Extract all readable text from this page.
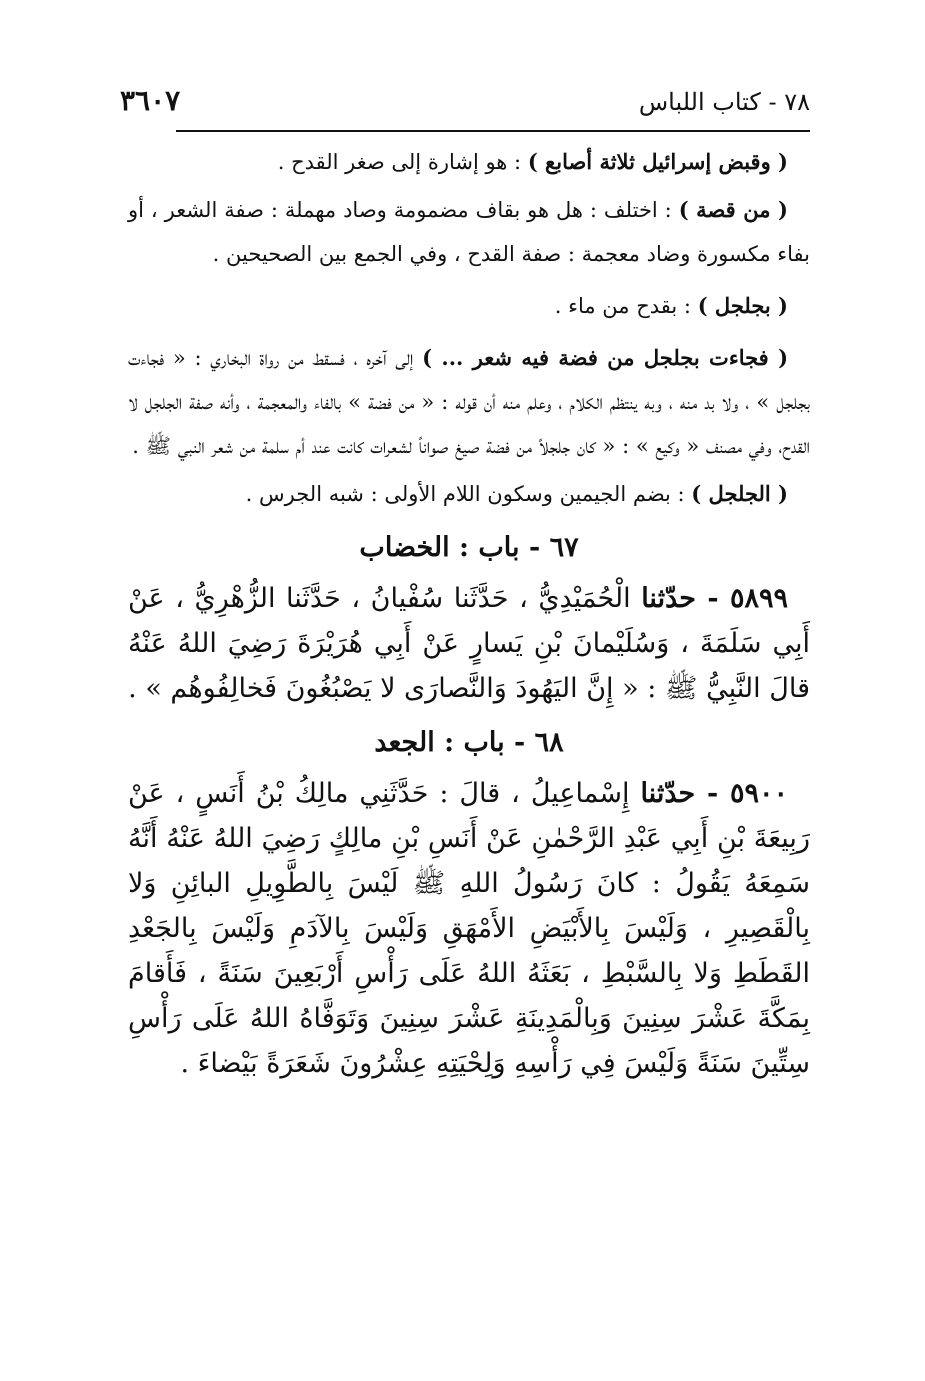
٧٨ - كتاب اللباس
٣٦٠٧

( وقبض إسرائيل ثلاثة أصابع ) : هو إشارة إلى صغر القدح .

( من قصة ) : اختلف : هل هو بقاف مضمومة وصاد مهملة : صفة الشعر ، أو بفاء مكسورة وضاد معجمة : صفة القدح ، وفي الجمع بين الصحيحين .

( بجلجل ) : بقدح من ماء .

( فجاءت بجلجل من فضة فيه شعر ... ) إلى آخره ، فسقط من رواة البخاري : « فجاءت بجلجل » ، ولا بد منه ، وبه ينتظم الكلام ، وعلم منه أن قوله : « من فضة » بالفاء والمعجمة ، وأنه صفة الجلجل لا القدح، وفي مصنف « وكيع » : « كان جلجلاً من فضة صيغ صواناً لشعرات كانت عند أم سلمة من شعر النبي ﷺ .

( الجلجل ) : بضم الجيمين وسكون اللام الأولى : شبه الجرس .

٦٧ - باب : الخضاب

٥٨٩٩ - حدّثنا الْحُمَيْدِيُّ ، حَدَّثَنا سُفْيانُ ، حَدَّثَنا الزُّهْرِيُّ ، عَنْ أَبِي سَلَمَةَ ، وَسُلَيْمانَ بْنِ يَسارٍ عَنْ أَبِي هُرَيْرَةَ رَضِيَ اللهُ عَنْهُ قالَ النَّبِيُّ ﷺ : « إِنَّ اليَهُودَ وَالنَّصارَى لا يَصْبُغُونَ فَخالِفُوهُم » .

٦٨ - باب : الجعد

٥٩٠٠ - حدّثنا إِسْماعِيلُ ، قالَ : حَدَّثَنِي مالِكُ بْنُ أَنَسٍ ، عَنْ رَبِيعَةَ بْنِ أَبِي عَبْدِ الرَّحْمٰنِ عَنْ أَنَسِ بْنِ مالِكٍ رَضِيَ اللهُ عَنْهُ أَنَّهُ سَمِعَهُ يَقُولُ : كانَ رَسُولُ اللهِ ﷺ لَيْسَ بِالطَّوِيلِ البائِنِ وَلا بِالْقَصِيرِ ، وَلَيْسَ بِالأَبْيَضِ الأَمْهَقِ وَلَيْسَ بِالآدَمِ وَلَيْسَ بِالجَعْدِ القَطَطِ وَلا بِالسَّبْطِ ، بَعَثَهُ اللهُ عَلَى رَأْسِ أَرْبَعِينَ سَنَةً ، فَأَقامَ بِمَكَّةَ عَشْرَ سِنِينَ وَبِالْمَدِينَةِ عَشْرَ سِنِينَ وَتَوَفَّاهُ اللهُ عَلَى رَأْسِ سِتِّينَ سَنَةً وَلَيْسَ فِي رَأْسِهِ وَلِحْيَتِهِ عِشْرُونَ شَعَرَةً بَيْضاءَ .
